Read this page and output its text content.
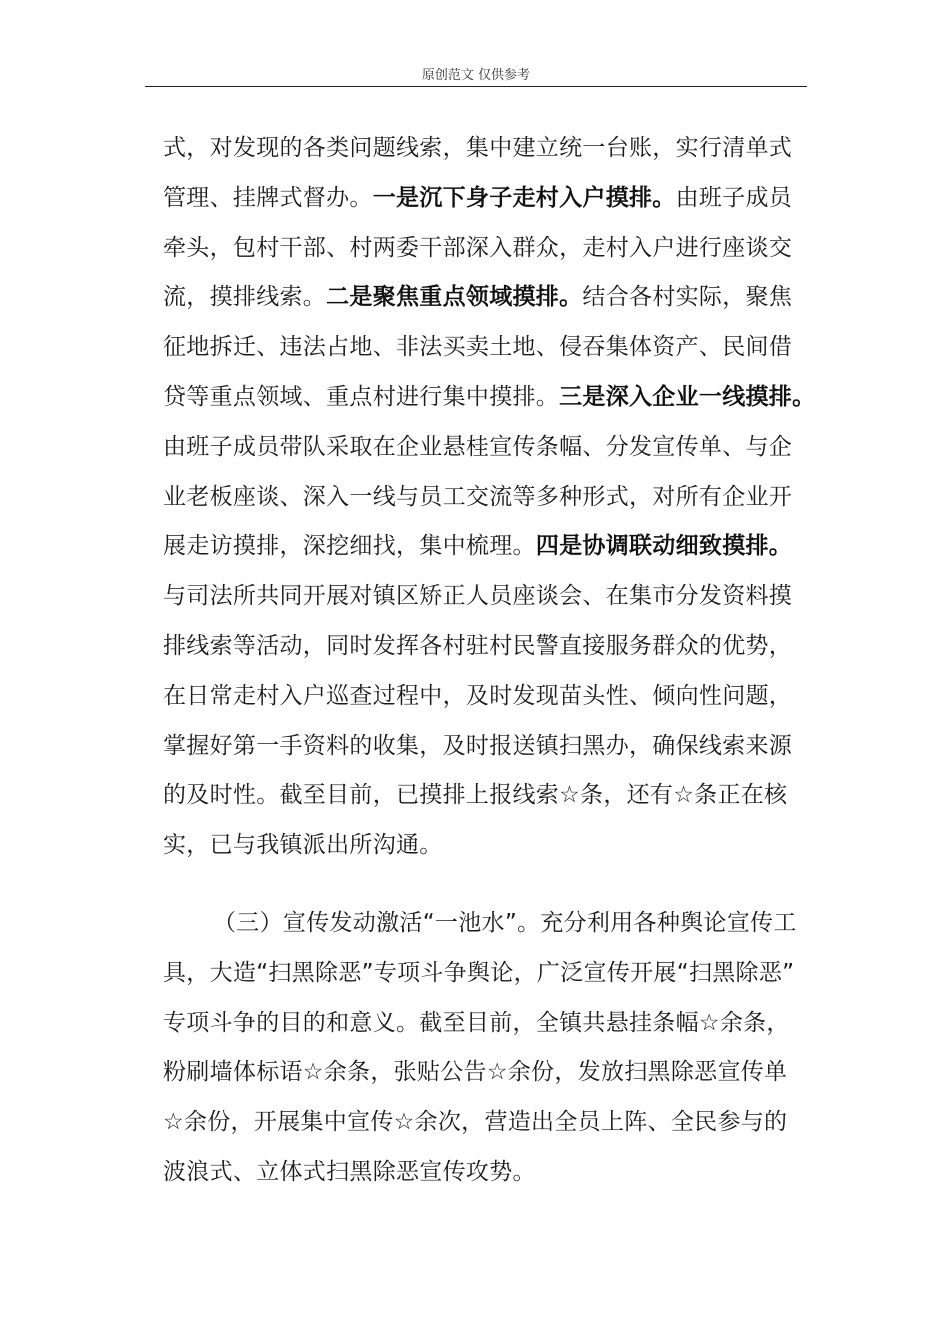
原创范文 仅供参考
式，对发现的各类问题线索，集中建立统一台账，实行清单式
管理、挂牌式督办。一是沉下身子走村入户摸排。由班子成员
牵头，包村干部、村两委干部深入群众，走村入户进行座谈交
流，摸排线索。二是聚焦重点领域摸排。结合各村实际，聚焦
征地拆迁、违法占地、非法买卖土地、侵吞集体资产、民间借
贷等重点领域、重点村进行集中摸排。三是深入企业一线摸排。
由班子成员带队采取在企业悬桂宣传条幅、分发宣传单、与企
业老板座谈、深入一线与员工交流等多种形式，对所有企业开
展走访摸排，深挖细找，集中梳理。四是协调联动细致摸排。
与司法所共同开展对镇区矫正人员座谈会、在集市分发资料摸
排线索等活动，同时发挥各村驻村民警直接服务群众的优势，
在日常走村入户巡查过程中，及时发现苗头性、倾向性问题，
掌握好第一手资料的收集，及时报送镇扫黑办，确保线索来源
的及时性。截至目前，已摸排上报线索☆条，还有☆条正在核
实，已与我镇派出所沟通。
（三）宣传发动激活“一池水”。充分利用各种舆论宣传工
具，大造“扫黑除恶”专项斗争舆论，广泛宣传开展“扫黑除恶”
专项斗争的目的和意义。截至目前，全镇共悬挂条幅☆余条，
粉刷墙体标语☆余条，张贴公告☆余份，发放扫黑除恶宣传单
☆余份，开展集中宣传☆余次，营造出全员上阵、全民参与的
波浪式、立体式扫黑除恶宣传攻势。
